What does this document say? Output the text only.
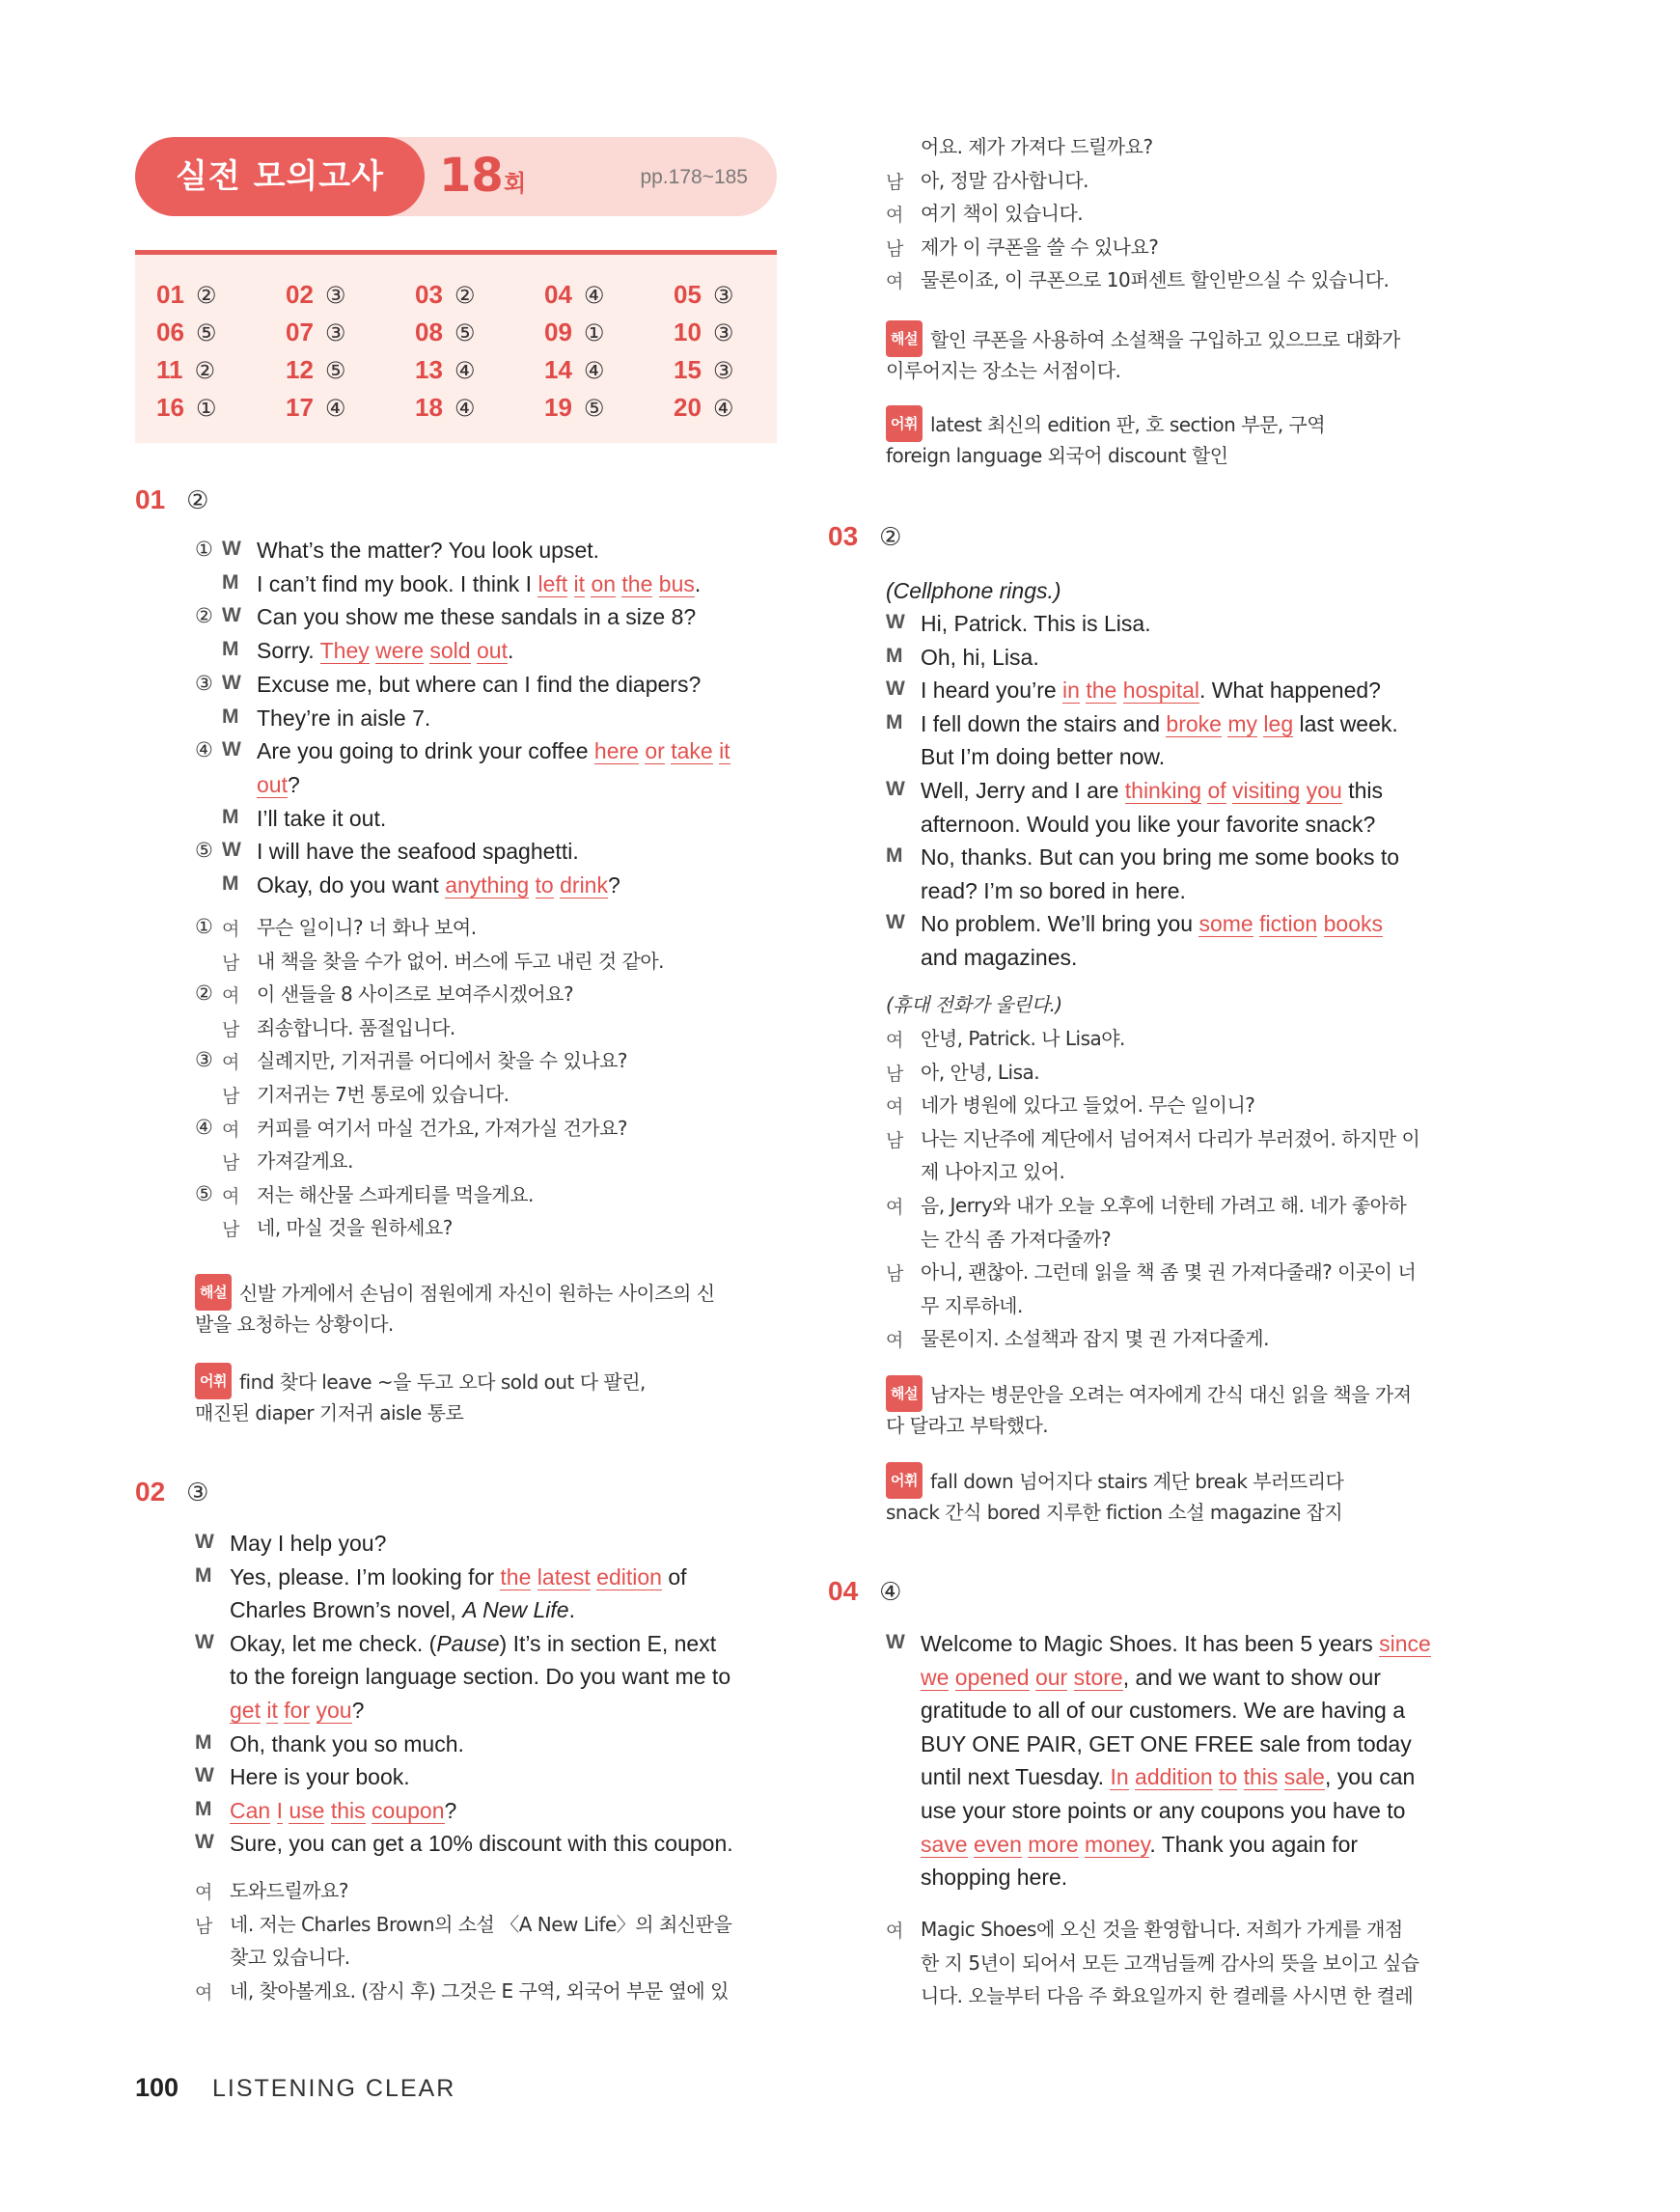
실전 모의고사	18 회	pp.178~185
01 ②	02 ③	03 ②	04 ④	05 ③
06 ⑤	07 ③	08 ⑤	09 ①	10 ③
11 ②	12 ⑤	13 ④	14 ④	15 ③
16 ①	17 ④	18 ④	19 ⑤	20 ④
01 ②
① W What’s the matter? You look upset.
M I can’t find my book. I think I left it on the bus.
② W Can you show me these sandals in a size 8?
M Sorry. They were sold out.
③ W Excuse me, but where can I find the diapers?
M They’re in aisle 7.
④ W Are you going to drink your coffee here or take it
out?
M I’ll take it out.
⑤ W I will have the seafood spaghetti.
M Okay, do you want anything to drink?
① 여 무슨 일이니? 너 화나 보여.
남 내 책을 찾을 수가 없어. 버스에 두고 내린 것 같아.
② 여 이 샌들을 8 사이즈로 보여주시겠어요?
남 죄송합니다. 품절입니다.
③ 여 실례지만, 기저귀를 어디에서 찾을 수 있나요?
남 기저귀는 7번 통로에 있습니다.
④ 여 커피를 여기서 마실 건가요, 가져가실 건가요?
남 가져갈게요.
⑤ 여 저는 해산물 스파게티를 먹을게요.
남 네, 마실 것을 원하세요?
해설 신발 가게에서 손님이 점원에게 자신이 원하는 사이즈의 신
발을 요청하는 상황이다.
어휘 find 찾다 leave ~을 두고 오다 sold out 다 팔린,
매진된 diaper 기저귀 aisle 통로
02 ③
W May I help you?
M Yes, please. I’m looking for the latest edition of
Charles Brown’s novel, A New Life.
W Okay, let me check. (Pause) It’s in section E, next
to the foreign language section. Do you want me to
get it for you?
M Oh, thank you so much.
W Here is your book.
M Can I use this coupon?
W Sure, you can get a 10% discount with this coupon.
여 도와드릴까요?
남 네. 저는 Charles Brown의 소설 〈A New Life〉의 최신판을
찾고 있습니다.
여 네, 찾아볼게요. (잠시 후) 그것은 E 구역, 외국어 부문 옆에 있
어요. 제가 가져다 드릴까요?
남 아, 정말 감사합니다.
여 여기 책이 있습니다.
남 제가 이 쿠폰을 쓸 수 있나요?
여 물론이죠, 이 쿠폰으로 10퍼센트 할인받으실 수 있습니다.
해설 할인 쿠폰을 사용하여 소설책을 구입하고 있으므로 대화가
이루어지는 장소는 서점이다.
어휘 latest 최신의 edition 판, 호 section 부문, 구역
foreign language 외국어 discount 할인
03 ②
(Cellphone rings.)
W Hi, Patrick. This is Lisa.
M Oh, hi, Lisa.
W I heard you’re in the hospital. What happened?
M I fell down the stairs and broke my leg last week.
But I’m doing better now.
W Well, Jerry and I are thinking of visiting you this
afternoon. Would you like your favorite snack?
M No, thanks. But can you bring me some books to
read? I’m so bored in here.
W No problem. We’ll bring you some fiction books
and magazines.
(휴대 전화가 울린다.)
여 안녕, Patrick. 나 Lisa야.
남 아, 안녕, Lisa.
여 네가 병원에 있다고 들었어. 무슨 일이니?
남 나는 지난주에 계단에서 넘어져서 다리가 부러졌어. 하지만 이
제 나아지고 있어.
여 음, Jerry와 내가 오늘 오후에 너한테 가려고 해. 네가 좋아하
는 간식 좀 가져다줄까?
남 아니, 괜찮아. 그런데 읽을 책 좀 몇 권 가져다줄래? 이곳이 너
무 지루하네.
여 물론이지. 소설책과 잡지 몇 권 가져다줄게.
해설 남자는 병문안을 오려는 여자에게 간식 대신 읽을 책을 가져
다 달라고 부탁했다.
어휘 fall down 넘어지다 stairs 계단 break 부러뜨리다
snack 간식 bored 지루한 fiction 소설 magazine 잡지
04 ④
W Welcome to Magic Shoes. It has been 5 years since
we opened our store, and we want to show our
gratitude to all of our customers. We are having a
BUY ONE PAIR, GET ONE FREE sale from today
until next Tuesday. In addition to this sale, you can
use your store points or any coupons you have to
save even more money. Thank you again for
shopping here.
여 Magic Shoes에 오신 것을 환영합니다. 저희가 가게를 개점
한 지 5년이 되어서 모든 고객님들께 감사의 뜻을 보이고 싶습
니다. 오늘부터 다음 주 화요일까지 한 켤레를 사시면 한 켤레
100 LISTENING CLEAR
